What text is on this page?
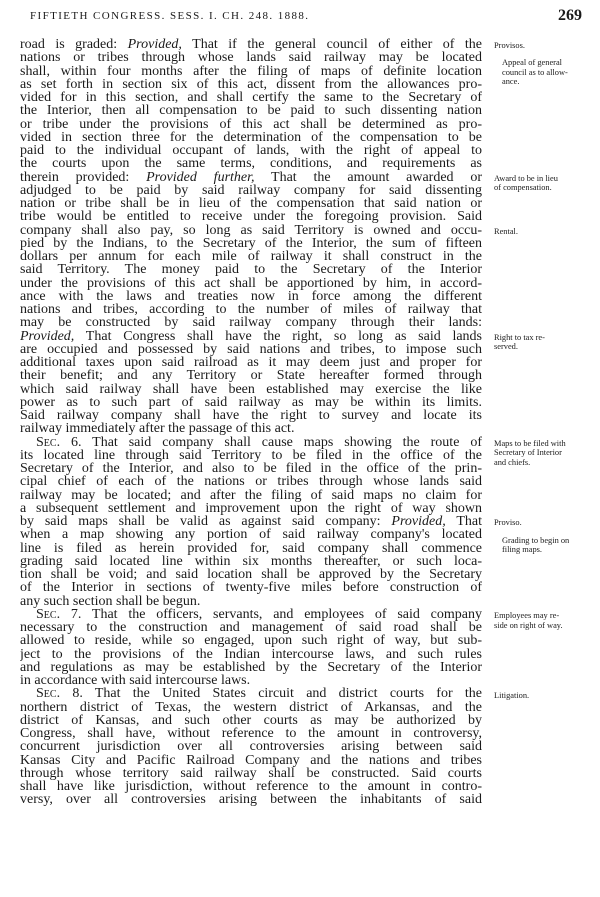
FIFTIETH CONGRESS. SESS. I. CH. 248. 1888.	269
road is graded: Provided, That if the general council of either of the
nations or tribes through whose lands said railway may be located
shall, within four months after the filing of maps of definite location
as set forth in section six of this act, dissent from the allowances pro-
vided for in this section, and shall certify the same to the Secretary of
the Interior, then all compensation to be paid to such dissenting nation
or tribe under the provisions of this act shall be determined as pro-
vided in section three for the determination of the compensation to be
paid to the individual occupant of lands, with the right of appeal to
the courts upon the same terms, conditions, and requirements as
therein provided: Provided further, That the amount awarded or
adjudged to be paid by said railway company for said dissenting
nation or tribe shall be in lieu of the compensation that said nation or
tribe would be entitled to receive under the foregoing provision. Said
company shall also pay, so long as said Territory is owned and occu-
pied by the Indians, to the Secretary of the Interior, the sum of fifteen
dollars per annum for each mile of railway it shall construct in the
said Territory. The money paid to the Secretary of the Interior
under the provisions of this act shall be apportioned by him, in accord-
ance with the laws and treaties now in force among the different
nations and tribes, according to the number of miles of railway that
may be constructed by said railway company through their lands:
Provided, That Congress shall have the right, so long as said lands
are occupied and possessed by said nations and tribes, to impose such
additional taxes upon said railroad as it may deem just and proper for
their benefit; and any Territory or State hereafter formed through
which said railway shall have been established may exercise the like
power as to such part of said railway as may be within its limits.
Said railway company shall have the right to survey and locate its
railway immediately after the passage of this act.
Sec. 6. That said company shall cause maps showing the route of
its located line through said Territory to be filed in the office of the
Secretary of the Interior, and also to be filed in the office of the prin-
cipal chief of each of the nations or tribes through whose lands said
railway may be located; and after the filing of said maps no claim for
a subsequent settlement and improvement upon the right of way shown
by said maps shall be valid as against said company: Provided, That
when a map showing any portion of said railway company's located
line is filed as herein provided for, said company shall commence
grading said located line within six months thereafter, or such loca-
tion shall be void; and said location shall be approved by the Secretary
of the Interior in sections of twenty-five miles before construction of
any such section shall be begun.
Sec. 7. That the officers, servants, and employees of said company
necessary to the construction and management of said road shall be
allowed to reside, while so engaged, upon such right of way, but sub-
ject to the provisions of the Indian intercourse laws, and such rules
and regulations as may be established by the Secretary of the Interior
in accordance with said intercourse laws.
Sec. 8. That the United States circuit and district courts for the
northern district of Texas, the western district of Arkansas, and the
district of Kansas, and such other courts as may be authorized by
Congress, shall have, without reference to the amount in controversy,
concurrent jurisdiction over all controversies arising between said
Kansas City and Pacific Railroad Company and the nations and tribes
through whose territory said railway shall be constructed. Said courts
shall have like jurisdiction, without reference to the amount in contro-
versy, over all controversies arising between the inhabitants of said
Provisos.
Appeal of general
council as to allow-
ance.
Award to be in lieu
of compensation.
Rental.
Right to tax re-
served.
Maps to be filed with
Secretary of Interior
and chiefs.
Proviso.
Grading to begin on
filing maps.
Employees may re-
side on right of way.
Litigation.
